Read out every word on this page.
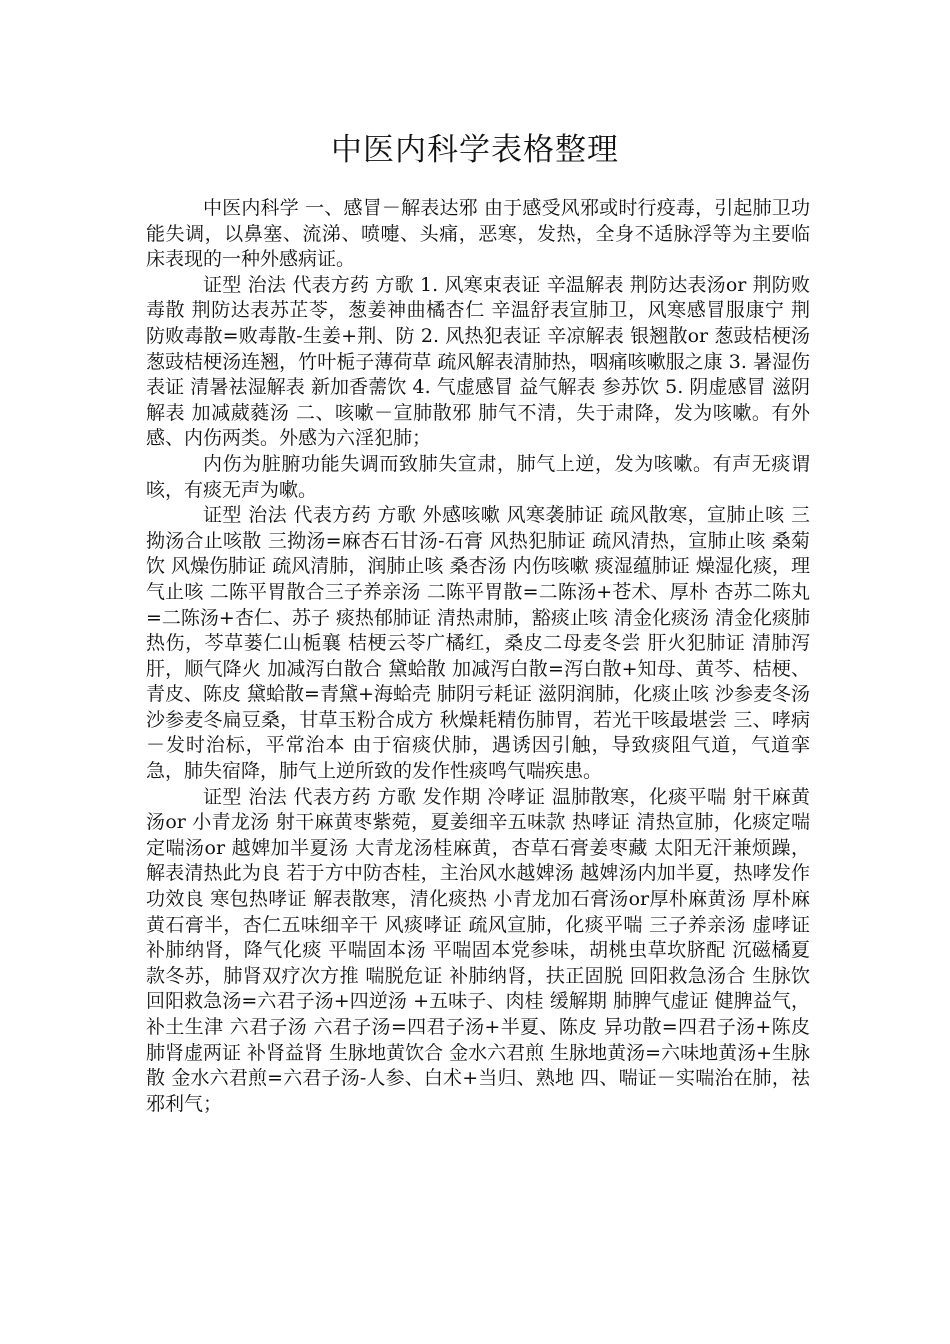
中医内科学表格整理

中医内科学 一、感冒－解表达邪 由于感受风邪或时行疫毒，引起肺卫功能失调，以鼻塞、流涕、喷嚏、头痛，恶寒，发热，全身不适脉浮等为主要临床表现的一种外感病证。

证型 治法 代表方药 方歌 1. 风寒束表证 辛温解表 荆防达表汤or 荆防败毒散 荆防达表苏芷苓，葱姜神曲橘杏仁 辛温舒表宣肺卫，风寒感冒服康宁 荆防败毒散=败毒散-生姜+荆、防 2. 风热犯表证 辛凉解表 银翘散or 葱豉桔梗汤 葱豉桔梗汤连翘，竹叶栀子薄荷草 疏风解表清肺热，咽痛咳嗽服之康 3. 暑湿伤表证 清暑祛湿解表 新加香薷饮 4. 气虚感冒 益气解表 参苏饮 5. 阴虚感冒 滋阴解表 加减葳蕤汤 二、咳嗽－宣肺散邪 肺气不清，失于肃降，发为咳嗽。有外感、内伤两类。外感为六淫犯肺；

内伤为脏腑功能失调而致肺失宣肃，肺气上逆，发为咳嗽。有声无痰谓咳，有痰无声为嗽。

证型 治法 代表方药 方歌 外感咳嗽 风寒袭肺证 疏风散寒，宣肺止咳 三拗汤合止咳散 三拗汤=麻杏石甘汤-石膏 风热犯肺证 疏风清热，宣肺止咳 桑菊饮 风燥伤肺证 疏风清肺，润肺止咳 桑杏汤 内伤咳嗽 痰湿蕴肺证 燥湿化痰，理气止咳 二陈平胃散合三子养亲汤 二陈平胃散=二陈汤+苍术、厚朴 杏苏二陈丸=二陈汤+杏仁、苏子 痰热郁肺证 清热肃肺，豁痰止咳 清金化痰汤 清金化痰肺热伤，芩草蒌仁山栀襄 桔梗云苓广橘红，桑皮二母麦冬尝 肝火犯肺证 清肺泻肝，顺气降火 加减泻白散合 黛蛤散 加减泻白散=泻白散+知母、黄芩、桔梗、青皮、陈皮 黛蛤散=青黛+海蛤壳 肺阴亏耗证 滋阴润肺，化痰止咳 沙参麦冬汤 沙参麦冬扁豆桑，甘草玉粉合成方 秋燥耗精伤肺胃，若光干咳最堪尝 三、哮病－发时治标，平常治本 由于宿痰伏肺，遇诱因引触，导致痰阻气道，气道挛急，肺失宿降，肺气上逆所致的发作性痰鸣气喘疾患。

证型 治法 代表方药 方歌 发作期 冷哮证 温肺散寒，化痰平喘 射干麻黄汤or 小青龙汤 射干麻黄枣紫菀，夏姜细辛五味款 热哮证 清热宣肺，化痰定喘 定喘汤or 越婢加半夏汤 大青龙汤桂麻黄，杏草石膏姜枣藏 太阳无汗兼烦躁，解表清热此为良 若于方中防杏桂，主治风水越婢汤 越婢汤内加半夏，热哮发作功效良 寒包热哮证 解表散寒，清化痰热 小青龙加石膏汤or厚朴麻黄汤 厚朴麻黄石膏半，杏仁五味细辛干 风痰哮证 疏风宣肺，化痰平喘 三子养亲汤 虚哮证 补肺纳肾，降气化痰 平喘固本汤 平喘固本党参味，胡桃虫草坎脐配 沉磁橘夏款冬苏，肺肾双疗次方推 喘脱危证 补肺纳肾，扶正固脱 回阳救急汤合 生脉饮 回阳救急汤=六君子汤+四逆汤 +五味子、肉桂 缓解期 肺脾气虚证 健脾益气，补土生津 六君子汤 六君子汤=四君子汤+半夏、陈皮 异功散=四君子汤+陈皮 肺肾虚两证 补肾益肾 生脉地黄饮合 金水六君煎 生脉地黄汤=六味地黄汤+生脉散 金水六君煎=六君子汤-人参、白术+当归、熟地 四、喘证－实喘治在肺，祛邪利气；
